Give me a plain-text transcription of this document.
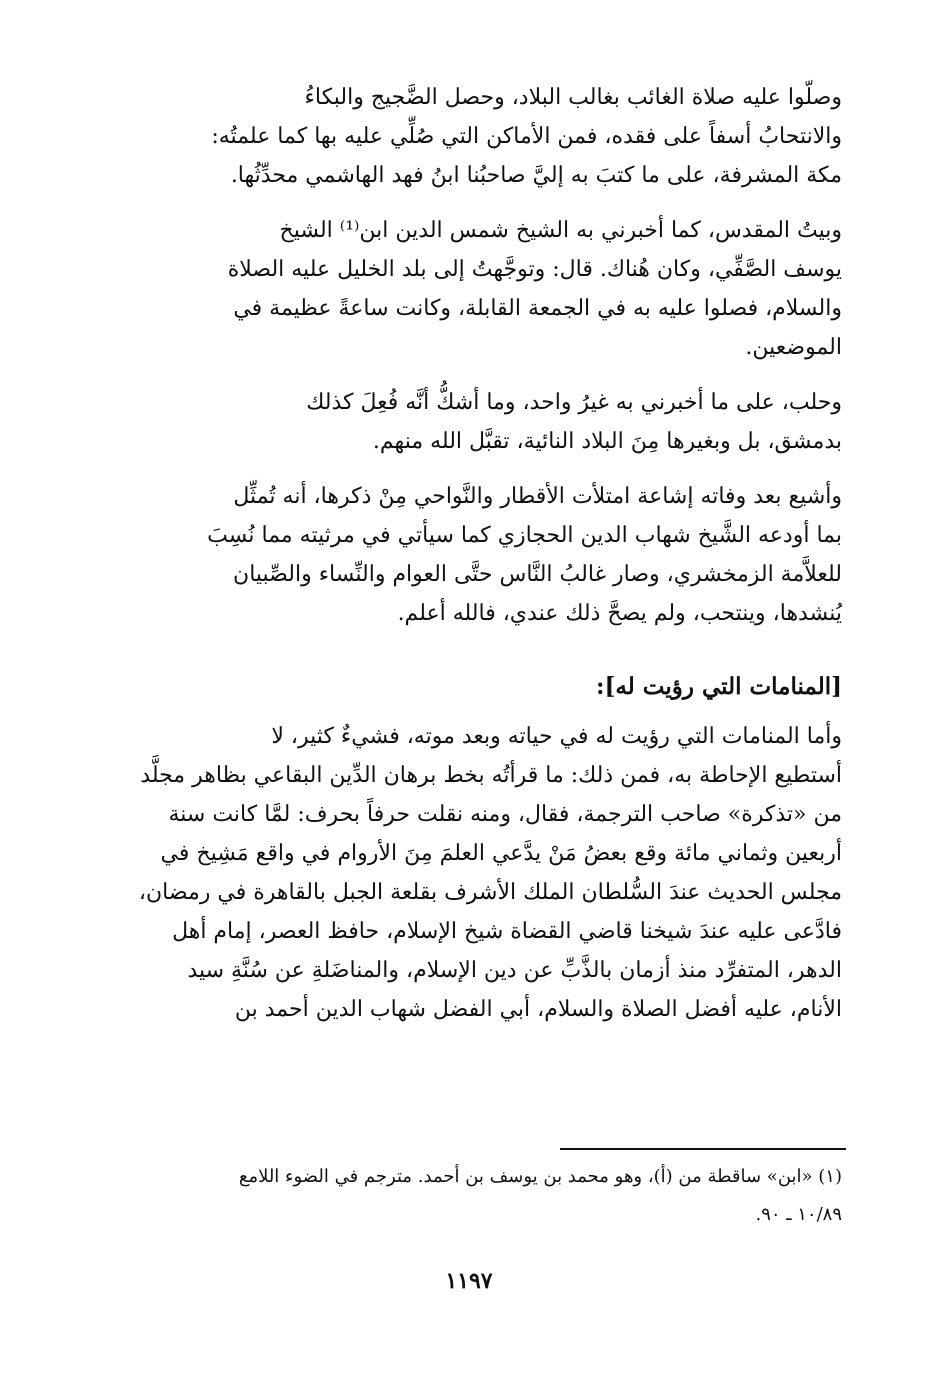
وصلّوا عليه صلاة الغائب بغالب البلاد، وحصل الضَّجيج والبكاءُ
والانتحابُ أسفاً على فقده، فمن الأماكن التي صُلِّي عليه بها كما علمتُه:
مكة المشرفة، على ما كتبَ به إليَّ صاحبُنا ابنُ فهد الهاشمي محدِّثُها.
وبيتُ المقدس، كما أخبرني به الشيخ شمس الدين ابن⁽¹⁾ الشيخ
يوسف الصَّفِّي، وكان هُناك. قال: وتوجَّهتُ إلى بلد الخليل عليه الصلاة
والسلام، فصلوا عليه به في الجمعة القابلة، وكانت ساعةً عظيمة في
الموضعين.
وحلب، على ما أخبرني به غيرُ واحد، وما أشكُّ أنَّه فُعِلَ كذلك
بدمشق، بل وبغيرها مِنَ البلاد النائية، تقبَّل الله منهم.
وأشيع بعد وفاته إشاعة امتلأت الأقطار والنَّواحي مِنْ ذكرها، أنه تُمثِّل
بما أودعه الشَّيخ شهاب الدين الحجازي كما سيأتي في مرثيته مما نُسِبَ
للعلاَّمة الزمخشري، وصار غالبُ النَّاس حتَّى العوام والنِّساء والصِّبيان
يُنشدها، وينتحب، ولم يصحَّ ذلك عندي، فالله أعلم.
[المنامات التي رؤيت له]:
وأما المنامات التي رؤيت له في حياته وبعد موته، فشيءٌ كثير، لا
أستطيع الإحاطة به، فمن ذلك: ما قرأتُه بخط برهان الدِّين البقاعي بظاهر مجلَّد
من «تذكرة» صاحب الترجمة، فقال، ومنه نقلت حرفاً بحرف: لمَّا كانت سنة
أربعين وثماني مائة وقع بعضُ مَنْ يدَّعي العلمَ مِنَ الأروام في واقع مَشِيخ في
مجلس الحديث عندَ السُّلطان الملك الأشرف بقلعة الجبل بالقاهرة في رمضان،
فادَّعى عليه عندَ شيخنا قاضي القضاة شيخ الإسلام، حافظ العصر، إمام أهل
الدهر، المتفرِّد منذ أزمان بالذَّبِّ عن دين الإسلام، والمناضَلةِ عن سُنَّةِ سيد
الأنام، عليه أفضل الصلاة والسلام، أبي الفضل شهاب الدين أحمد بن
(١) «ابن» ساقطة من (أ)، وهو محمد بن يوسف بن أحمد. مترجم في الضوء اللامع
١٠/٨٩ ـ ٩٠.
١١٩٧
